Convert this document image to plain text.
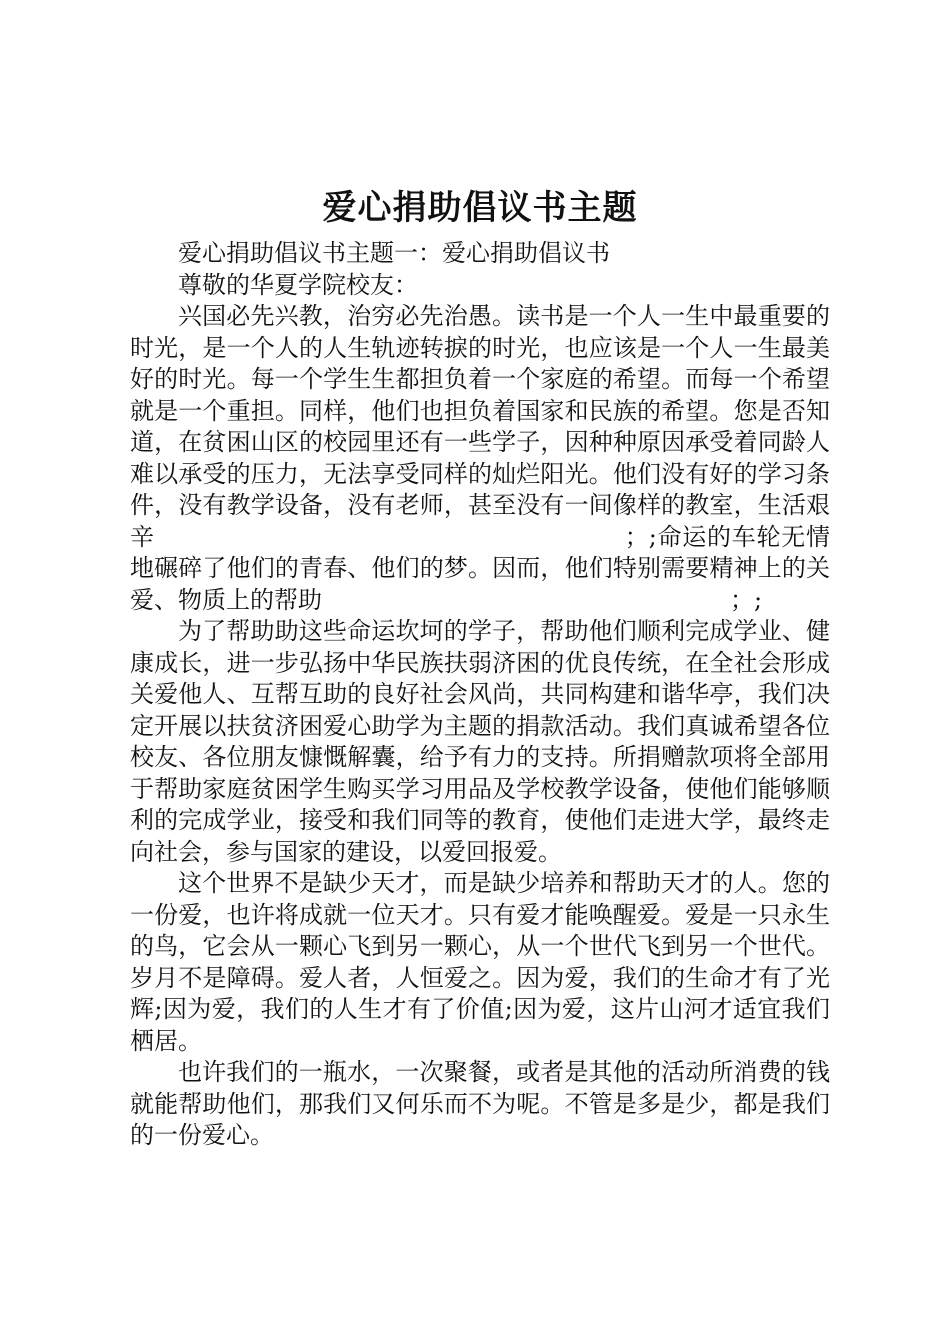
爱心捐助倡议书主题

爱心捐助倡议书主题一：爱心捐助倡议书

尊敬的华夏学院校友：

兴国必先兴教，治穷必先治愚。读书是一个人一生中最重要的时光，是一个人的人生轨迹转捩的时光，也应该是一个人一生最美好的时光。每一个学生生都担负着一个家庭的希望。而每一个希望就是一个重担。同样，他们也担负着国家和民族的希望。您是否知道，在贫困山区的校园里还有一些学子，因种种原因承受着同龄人难以承受的压力，无法享受同样的灿烂阳光。他们没有好的学习条件，没有教学设备，没有老师，甚至没有一间像样的教室，生活艰辛　　　　　　　　　　　　　　　　　　　；;命运的车轮无情地碾碎了他们的青春、他们的梦。因而，他们特别需要精神上的关爱、物质上的帮助　　　　　　　　　　　　　　　　　；;

为了帮助助这些命运坎坷的学子，帮助他们顺利完成学业、健康成长，进一步弘扬中华民族扶弱济困的优良传统，在全社会形成关爱他人、互帮互助的良好社会风尚，共同构建和谐华亭，我们决定开展以扶贫济困爱心助学为主题的捐款活动。我们真诚希望各位校友、各位朋友慷慨解囊，给予有力的支持。所捐赠款项将全部用于帮助家庭贫困学生购买学习用品及学校教学设备，使他们能够顺利的完成学业，接受和我们同等的教育，使他们走进大学，最终走向社会，参与国家的建设，以爱回报爱。

这个世界不是缺少天才，而是缺少培养和帮助天才的人。您的一份爱，也许将成就一位天才。只有爱才能唤醒爱。爱是一只永生的鸟，它会从一颗心飞到另一颗心，从一个世代飞到另一个世代。岁月不是障碍。爱人者，人恒爱之。因为爱，我们的生命才有了光辉;因为爱，我们的人生才有了价值;因为爱，这片山河才适宜我们栖居。

也许我们的一瓶水，一次聚餐，或者是其他的活动所消费的钱就能帮助他们，那我们又何乐而不为呢。不管是多是少，都是我们的一份爱心。
